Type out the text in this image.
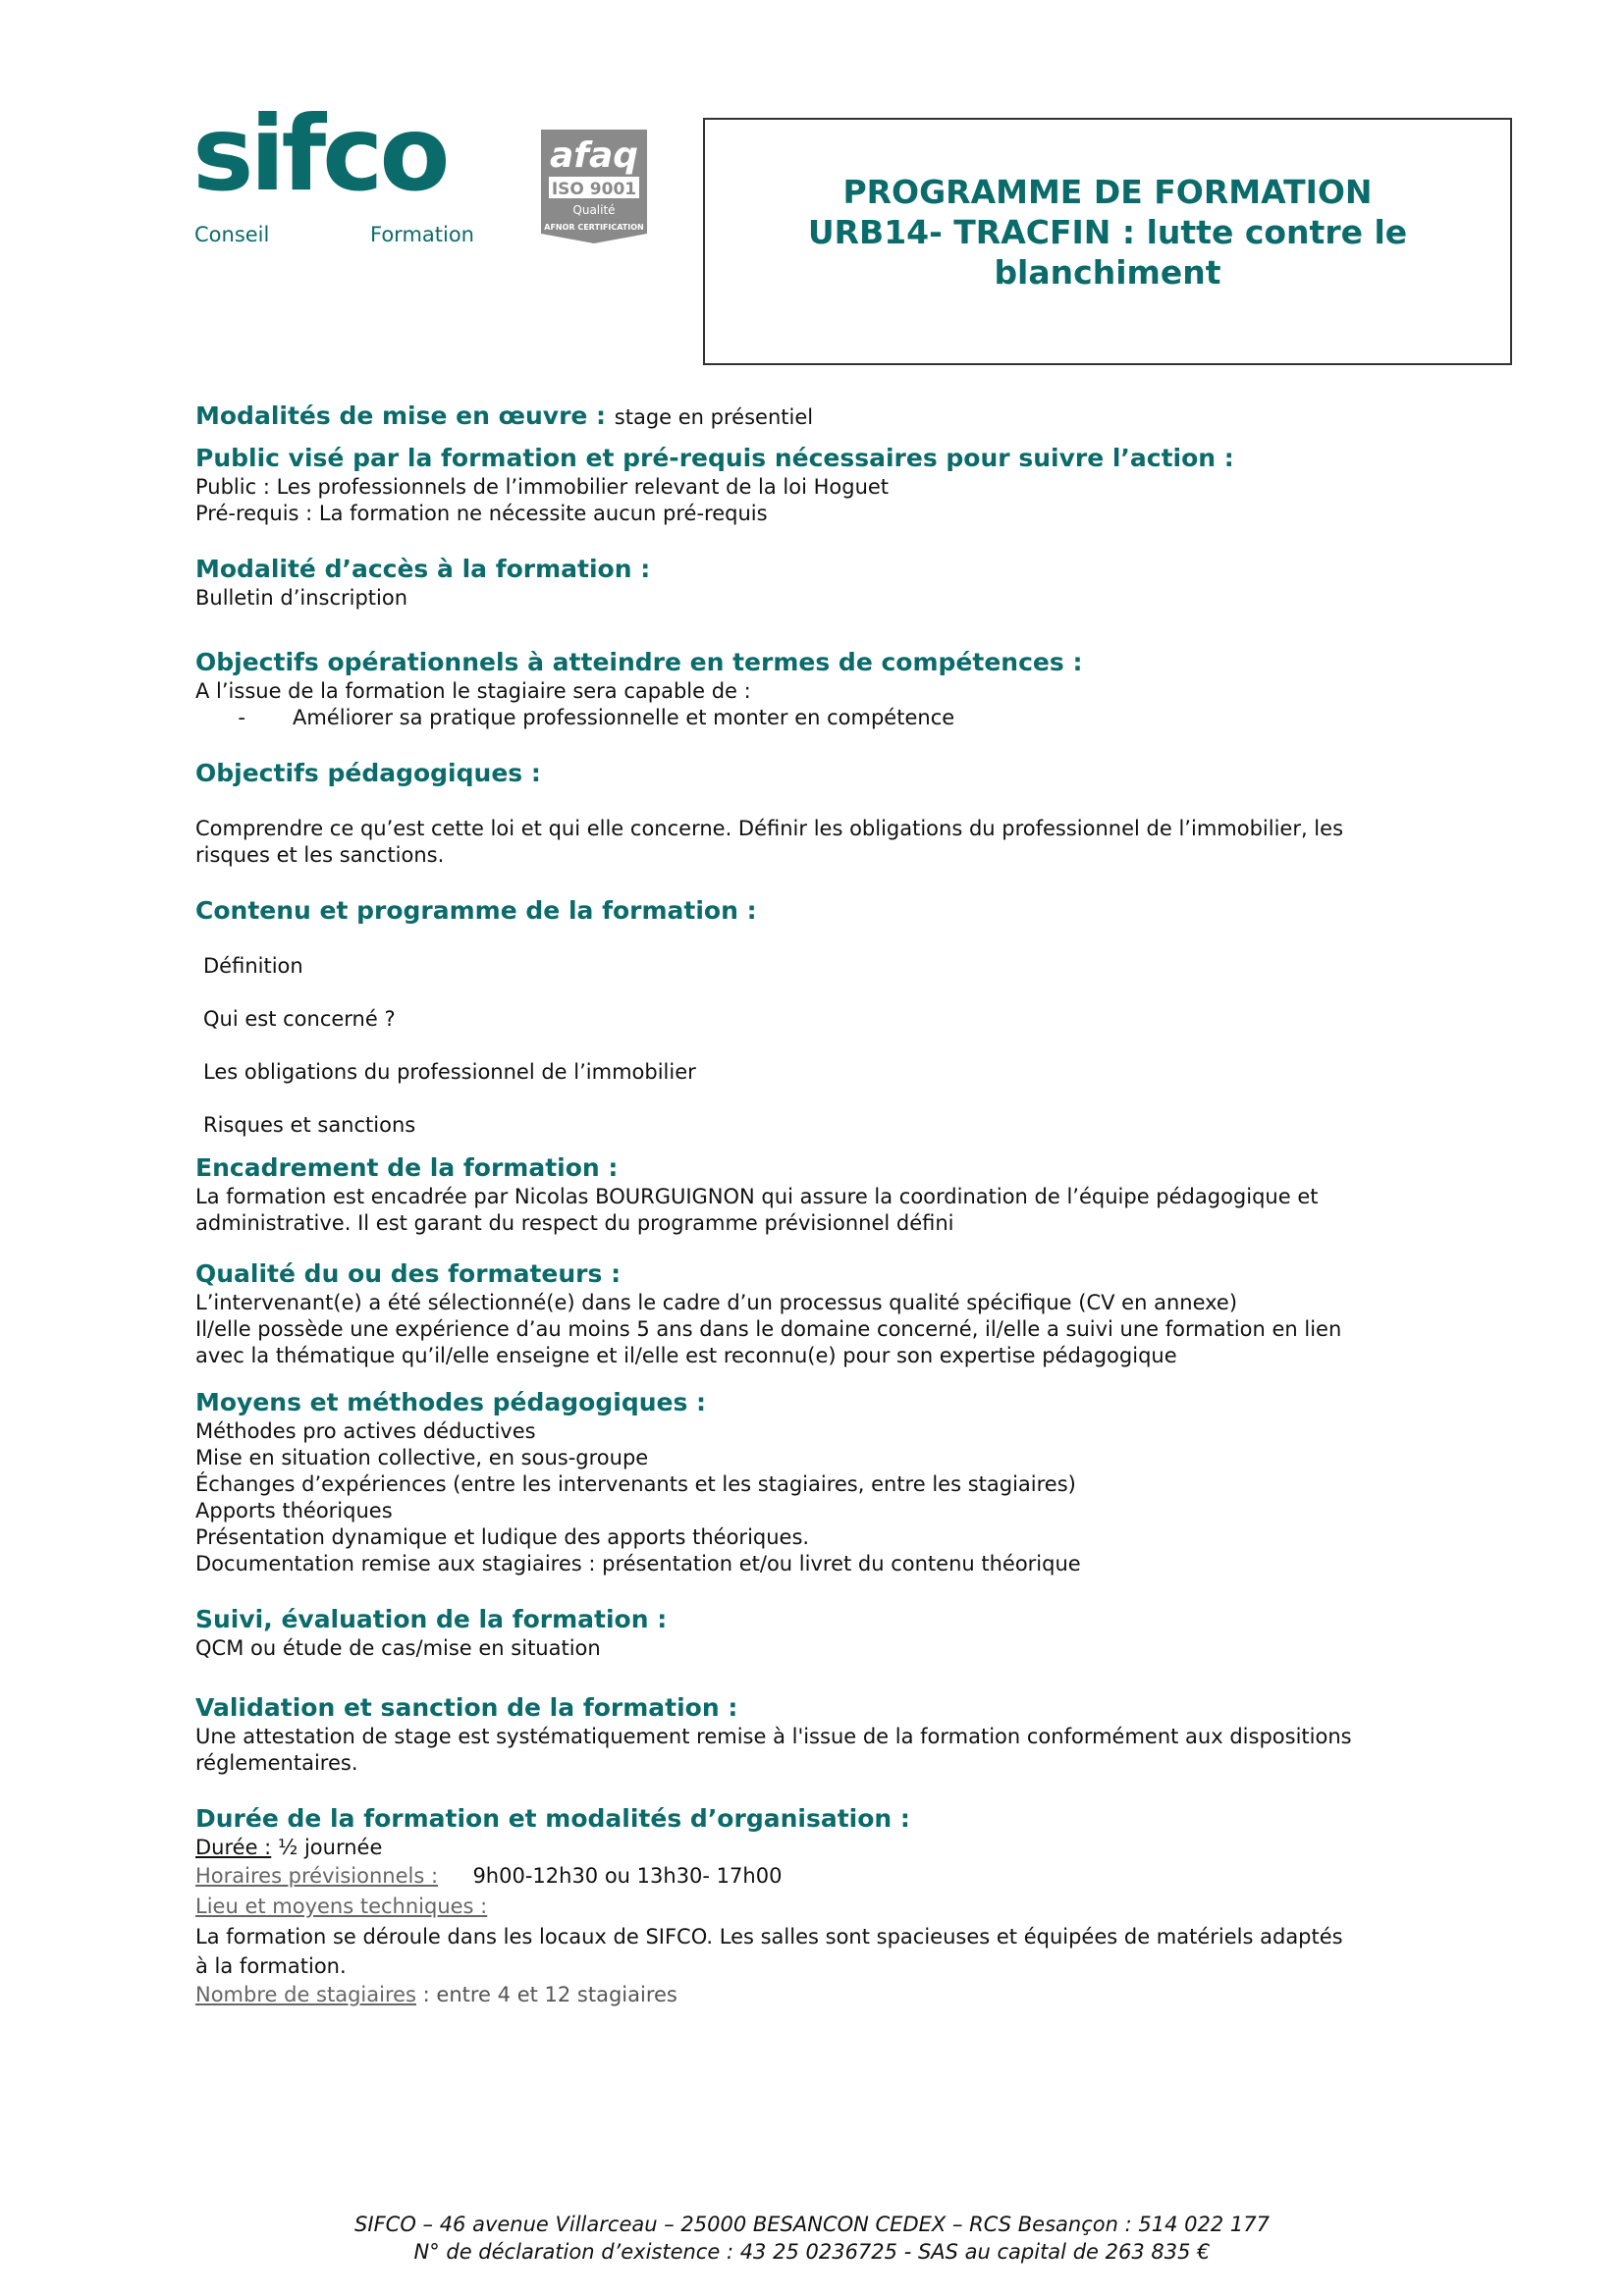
sifco
Conseil	Formation
afaq
ISO 9001
Qualité
AFNOR CERTIFICATION
PROGRAMME DE FORMATION
URB14- TRACFIN : lutte contre le
blanchiment
Modalités de mise en œuvre : stage en présentiel
Public visé par la formation et pré-requis nécessaires pour suivre l’action :
Public : Les professionnels de l’immobilier relevant de la loi Hoguet
Pré-requis : La formation ne nécessite aucun pré-requis
Modalité d’accès à la formation :
Bulletin d’inscription
Objectifs opérationnels à atteindre en termes de compétences :
A l’issue de la formation le stagiaire sera capable de :
-	Améliorer sa pratique professionnelle et monter en compétence
Objectifs pédagogiques :
Comprendre ce qu’est cette loi et qui elle concerne. Définir les obligations du professionnel de l’immobilier, les
risques et les sanctions.
Contenu et programme de la formation :
Définition
Qui est concerné ?
Les obligations du professionnel de l’immobilier
Risques et sanctions
Encadrement de la formation :
La formation est encadrée par Nicolas BOURGUIGNON qui assure la coordination de l’équipe pédagogique et
administrative. Il est garant du respect du programme prévisionnel défini
Qualité du ou des formateurs :
L’intervenant(e) a été sélectionné(e) dans le cadre d’un processus qualité spécifique (CV en annexe)
Il/elle possède une expérience d’au moins 5 ans dans le domaine concerné, il/elle a suivi une formation en lien
avec la thématique qu’il/elle enseigne et il/elle est reconnu(e) pour son expertise pédagogique
Moyens et méthodes pédagogiques :
Méthodes pro actives déductives
Mise en situation collective, en sous-groupe
Échanges d’expériences (entre les intervenants et les stagiaires, entre les stagiaires)
Apports théoriques
Présentation dynamique et ludique des apports théoriques.
Documentation remise aux stagiaires : présentation et/ou livret du contenu théorique
Suivi, évaluation de la formation :
QCM ou étude de cas/mise en situation
Validation et sanction de la formation :
Une attestation de stage est systématiquement remise à l'issue de la formation conformément aux dispositions
réglementaires.
Durée de la formation et modalités d’organisation :
Durée : ½ journée
Horaires prévisionnels : 9h00-12h30 ou 13h30- 17h00
Lieu et moyens techniques :
La formation se déroule dans les locaux de SIFCO. Les salles sont spacieuses et équipées de matériels adaptés
à la formation.
Nombre de stagiaires : entre 4 et 12 stagiaires
SIFCO – 46 avenue Villarceau – 25000 BESANCON CEDEX – RCS Besançon : 514 022 177
N° de déclaration d’existence : 43 25 0236725 - SAS au capital de 263 835 €
